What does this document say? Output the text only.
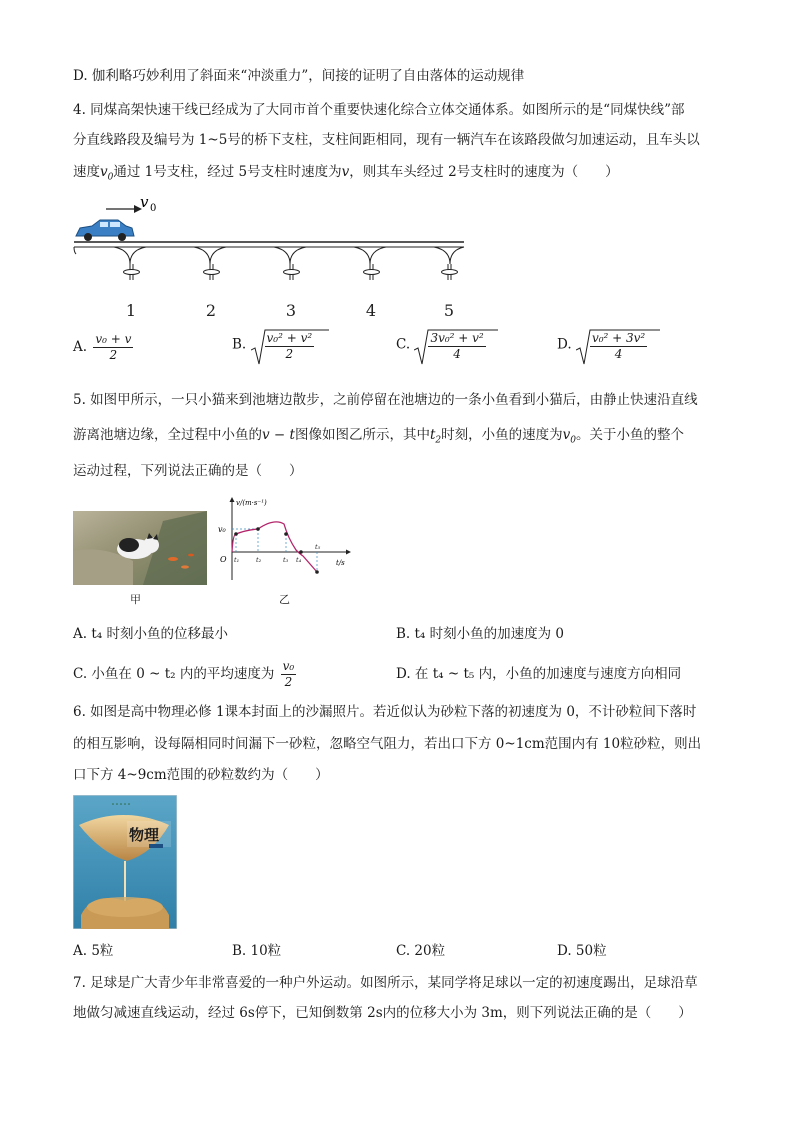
D. 伽利略巧妙利用了斜面来“冲淡重力”，间接的证明了自由落体的运动规律
4. 同煤高架快速干线已经成为了大同市首个重要快速化综合立体交通体系。如图所示的是“同煤快线”部
分直线路段及编号为 1~5号的桥下支柱，支柱间距相同，现有一辆汽车在该路段做匀加速运动，且车头以
速度$v_0$通过 1号支柱，经过 5号支柱时速度为v，则其车头经过 2号支柱时的速度为（　　）
v 0
1	2	3	4	5
A. $\frac{\text{v₀ + v}}{2}$	B. $\frac{\text{v₀² + v²}}{2}$	C. $\frac{\text{3v₀² + v²}}{4}$	D. $\frac{\text{v₀² + 3v²}}{4}$
5. 如图甲所示，一只小猫来到池塘边散步，之前停留在池塘边的一条小鱼看到小猫后，由静止快速沿直线
游离池塘边缘，全过程中小鱼的v − t图像如图乙所示，其中$t_2$时刻，小鱼的速度为$v_0$。关于小鱼的整个
运动过程，下列说法正确的是（　　）
甲
v/(m·s⁻¹)
t/s
v₀
O t₁	t₂	t₃ t₄
t₅
乙
A. t₄ 时刻小鱼的位移最小	B. t₄ 时刻小鱼的加速度为 0
C. 小鱼在 0 ~ t₂ 内的平均速度为 $\frac{\text{v₀}}{2}$	D. 在 t₄ ~ t₅ 内，小鱼的加速度与速度方向相同
6. 如图是高中物理必修 1课本封面上的沙漏照片。若近似认为砂粒下落的初速度为 0，不计砂粒间下落时
的相互影响，设每隔相同时间漏下一砂粒，忽略空气阻力，若出口下方 0~1cm范围内有 10粒砂粒，则出
口下方 4~9cm范围的砂粒数约为（　　）
物理
A. 5粒	B. 10粒	C. 20粒	D. 50粒
7. 足球是广大青少年非常喜爱的一种户外运动。如图所示，某同学将足球以一定的初速度踢出，足球沿草
地做匀减速直线运动，经过 6s停下，已知倒数第 2s内的位移大小为 3m，则下列说法正确的是（　　）
